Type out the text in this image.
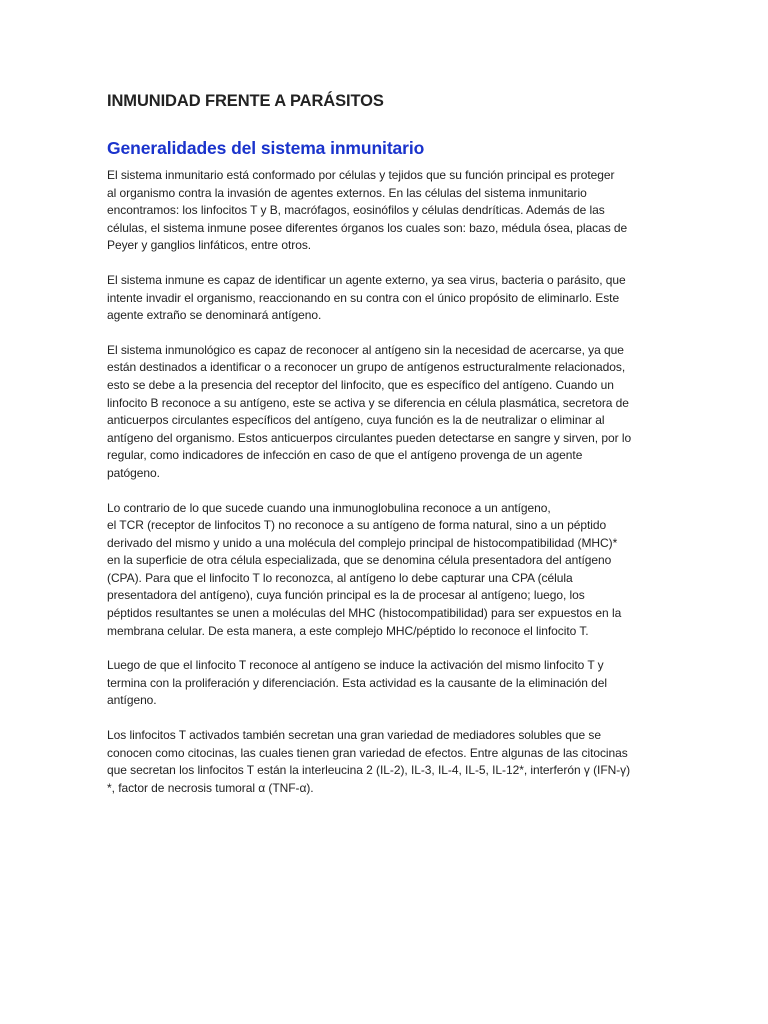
INMUNIDAD FRENTE A PARÁSITOS
Generalidades del sistema inmunitario

El sistema inmunitario está conformado por células y tejidos que su función principal es proteger
al organismo contra la invasión de agentes externos. En las células del sistema inmunitario
encontramos: los linfocitos T y B, macrófagos, eosinófilos y células dendríticas. Además de las
células, el sistema inmune posee diferentes órganos los cuales son: bazo, médula ósea, placas de
Peyer y ganglios linfáticos, entre otros.

El sistema inmune es capaz de identificar un agente externo, ya sea virus, bacteria o parásito, que
intente invadir el organismo, reaccionando en su contra con el único propósito de eliminarlo. Este
agente extraño se denominará antígeno.

El sistema inmunológico es capaz de reconocer al antígeno sin la necesidad de acercarse, ya que
están destinados a identificar o a reconocer un grupo de antígenos estructuralmente relacionados,
esto se debe a la presencia del receptor del linfocito, que es específico del antígeno. Cuando un
linfocito B reconoce a su antígeno, este se activa y se diferencia en célula plasmática, secretora de
anticuerpos circulantes específicos del antígeno, cuya función es la de neutralizar o eliminar al
antígeno del organismo. Estos anticuerpos circulantes pueden detectarse en sangre y sirven, por lo
regular, como indicadores de infección en caso de que el antígeno provenga de un agente
patógeno.

Lo contrario de lo que sucede cuando una inmunoglobulina reconoce a un antígeno,
el TCR (receptor de linfocitos T) no reconoce a su antígeno de forma natural, sino a un péptido
derivado del mismo y unido a una molécula del complejo principal de histocompatibilidad (MHC)*
en la superficie de otra célula especializada, que se denomina célula presentadora del antígeno
(CPA). Para que el linfocito T lo reconozca, al antígeno lo debe capturar una CPA (célula
presentadora del antígeno), cuya función principal es la de procesar al antígeno; luego, los
péptidos resultantes se unen a moléculas del MHC (histocompatibilidad) para ser expuestos en la
membrana celular. De esta manera, a este complejo MHC/péptido lo reconoce el linfocito T.

Luego de que el linfocito T reconoce al antígeno se induce la activación del mismo linfocito T y
termina con la proliferación y diferenciación. Esta actividad es la causante de la eliminación del
antígeno.

Los linfocitos T activados también secretan una gran variedad de mediadores solubles que se
conocen como citocinas, las cuales tienen gran variedad de efectos. Entre algunas de las citocinas
que secretan los linfocitos T están la interleucina 2 (IL-2), IL-3, IL-4, IL-5, IL-12*, interferón γ (IFN-γ)
*, factor de necrosis tumoral α (TNF-α).
